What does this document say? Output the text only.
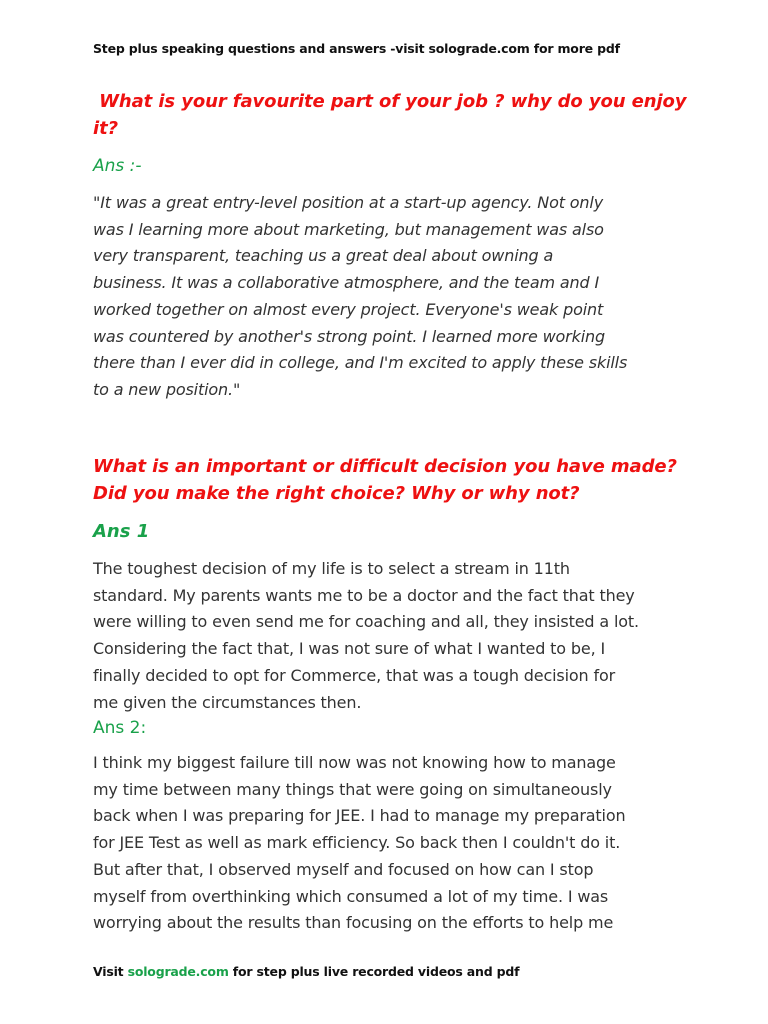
Step plus speaking questions and answers -visit solograde.com for more pdf
What is your favourite part of your job ? why do you enjoy
it?
Ans :-
"It was a great entry-level position at a start-up agency. Not only
was I learning more about marketing, but management was also
very transparent, teaching us a great deal about owning a
business. It was a collaborative atmosphere, and the team and I
worked together on almost every project. Everyone's weak point
was countered by another's strong point. I learned more working
there than I ever did in college, and I'm excited to apply these skills
to a new position."
What is an important or difficult decision you have made?
Did you make the right choice? Why or why not?
Ans 1
The toughest decision of my life is to select a stream in 11th
standard. My parents wants me to be a doctor and the fact that they
were willing to even send me for coaching and all, they insisted a lot.
Considering the fact that, I was not sure of what I wanted to be, I
finally decided to opt for Commerce, that was a tough decision for
me given the circumstances then.
Ans 2:
I think my biggest failure till now was not knowing how to manage
my time between many things that were going on simultaneously
back when I was preparing for JEE. I had to manage my preparation
for JEE Test as well as mark efficiency. So back then I couldn't do it.
But after that, I observed myself and focused on how can I stop
myself from overthinking which consumed a lot of my time. I was
worrying about the results than focusing on the efforts to help me
Visit solograde.com for step plus live recorded videos and pdf
